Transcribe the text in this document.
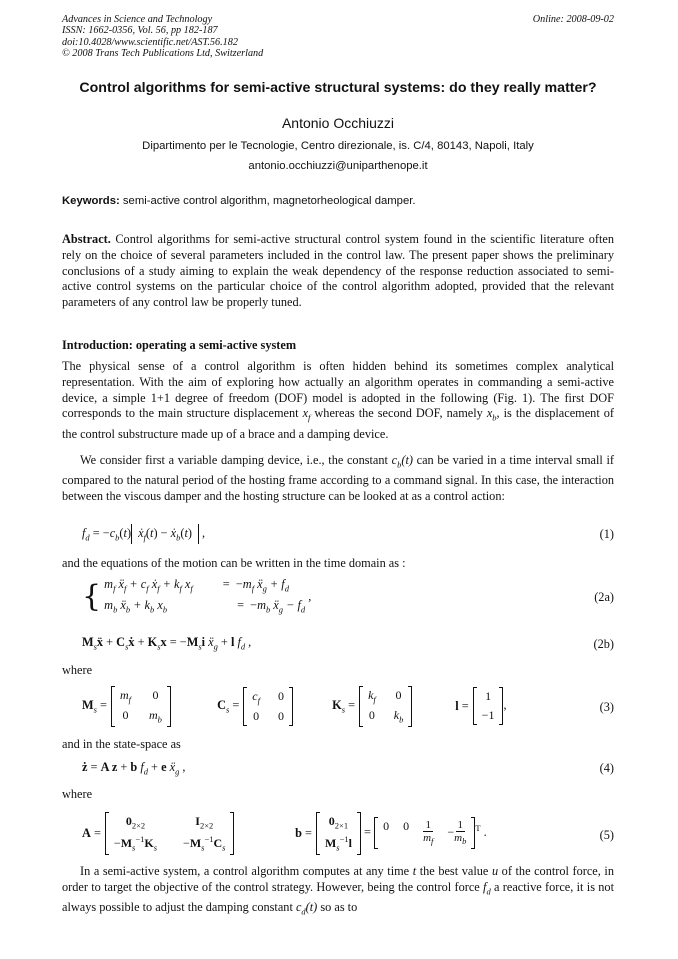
Advances in Science and Technology
ISSN: 1662-0356, Vol. 56, pp 182-187
doi:10.4028/www.scientific.net/AST.56.182
© 2008 Trans Tech Publications Ltd, Switzerland
Online: 2008-09-02
Control algorithms for semi-active structural systems: do they really matter?
Antonio Occhiuzzi
Dipartimento per le Tecnologie, Centro direzionale, is. C/4, 80143, Napoli, Italy
antonio.occhiuzzi@uniparthenope.it
Keywords: semi-active control algorithm, magnetorheological damper.
Abstract. Control algorithms for semi-active structural control system found in the scientific literature often rely on the choice of several parameters included in the control law. The present paper shows the preliminary conclusions of a study aiming to explain the weak dependency of the response reduction associated to semi-active control systems on the particular choice of the control algorithm adopted, provided that the relevant parameters of any control law be properly tuned.
Introduction: operating a semi-active system
The physical sense of a control algorithm is often hidden behind its sometimes complex analytical representation. With the aim of exploring how actually an algorithm operates in commanding a semi-active device, a simple 1+1 degree of freedom (DOF) model is adopted in the following (Fig. 1). The first DOF corresponds to the main structure displacement $x_f$ whereas the second DOF, namely $x_b$, is the displacement of the control substructure made up of a brace and a damping device.
We consider first a variable damping device, i.e., the constant $c_b(t)$ can be varied in a time interval small if compared to the natural period of the hosting frame according to a command signal. In this case, the interaction between the viscous damper and the hosting structure can be looked at as a control action:
$f_d = -c_b(t)$ ẋ$_f$(t) − ẋ$_b$(t) ,	(1)
and the equations of the motion can be written in the time domain as :
{ $m_f$ ẍ$_f$ + $c_f$ ẋ$_f$ + $k_f$ $x_f = -m_f$ ẍ$_g$ + $f_d$
$m_b$ ẍ$_b$ + $k_b$ $x_b$	=  $-m_b$ ẍ$_g$ − $f_d$ ,	(2a)
$M_sẍ$ + $C_sẋ + K_sx = -M_si$ ẍ$_g$ + l $f_d$ ,	(2b)
where
$M_s$ =
$m_f$ 0
0 $m_b$
$C_s$ =
$c_f$ 0
0 0
$K_s$ =
$k_f$ 0
0 $k_b$
l =
1
−1
,	(3)
and in the state-space as
ż = A z + b $f_d + e$ ẍ$_g$ ,	(4)
where
A =
$0_{2\times 2}$	$I_{2\times 2}$
$-M_s^{-1}K_s -M_s^{-1}C_s$
b =
$0_{2\times 1}$
$M_s^{-1}l$
= 0 $0 \frac{1}{m_f} - \frac{1}{m_b} ^T$ .	(5)
In a semi-active system, a control algorithm computes at any time t the best value u of the control force, in order to target the objective of the control strategy. However, being the control force $f_d$ a reactive force, it is not always possible to adjust the damping constant $c_d(t)$ so as to
